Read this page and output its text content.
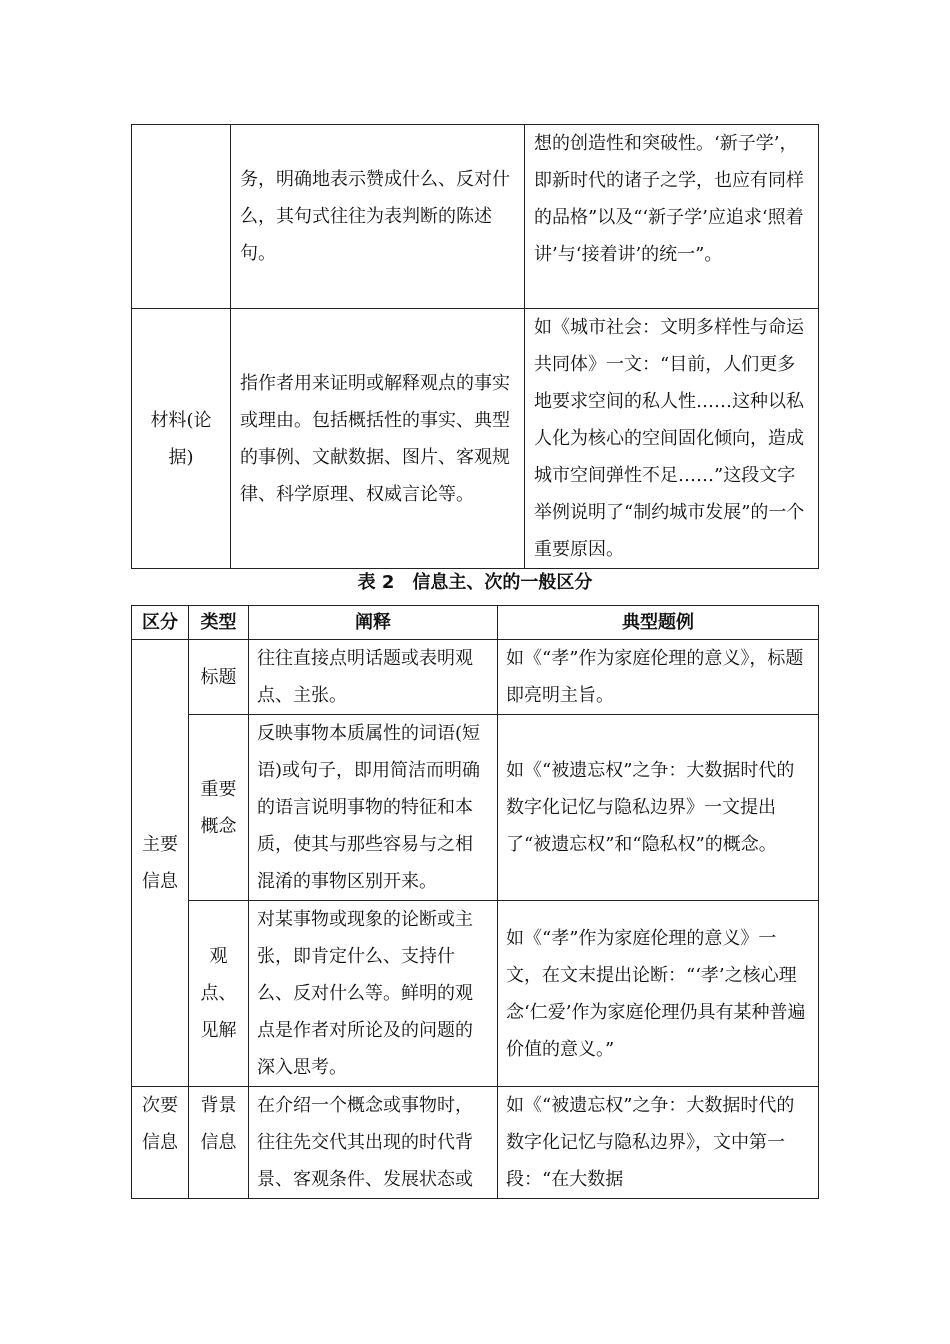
	务，明确地表示赞成什么、反对什么，其句式往往为表判断的陈述句。	想的创造性和突破性。‘新子学’，即新时代的诸子之学，也应有同样的品格”以及“‘新子学’应追求‘照着讲’与‘接着讲’的统一”。
材料(论据)	指作者用来证明或解释观点的事实或理由。包括概括性的事实、典型的事例、文献数据、图片、客观规律、科学原理、权威言论等。	如《城市社会：文明多样性与命运共同体》一文：“目前，人们更多地要求空间的私人性……这种以私人化为核心的空间固化倾向，造成城市空间弹性不足……”这段文字举例说明了“制约城市发展”的一个重要原因。
表 2　信息主、次的一般区分
区分	类型	阐释	典型题例
主要信息	标题	往往直接点明话题或表明观点、主张。	如《“孝”作为家庭伦理的意义》，标题即亮明主旨。
	重要概念	反映事物本质属性的词语(短语)或句子，即用简洁而明确的语言说明事物的特征和本质，使其与那些容易与之相混淆的事物区别开来。	如《“被遗忘权”之争：大数据时代的数字化记忆与隐私边界》一文提出了“被遗忘权”和“隐私权”的概念。
	观点、见解	对某事物或现象的论断或主张，即肯定什么、支持什么、反对什么等。鲜明的观点是作者对所论及的问题的深入思考。	如《“孝”作为家庭伦理的意义》一文，在文末提出论断：“‘孝’之核心理念‘仁爱’作为家庭伦理仍具有某种普遍价值的意义。”
次要信息	背景信息	在介绍一个概念或事物时，往往先交代其出现的时代背景、客观条件、发展状态或	如《“被遗忘权”之争：大数据时代的数字化记忆与隐私边界》，文中第一段：“在大数据
